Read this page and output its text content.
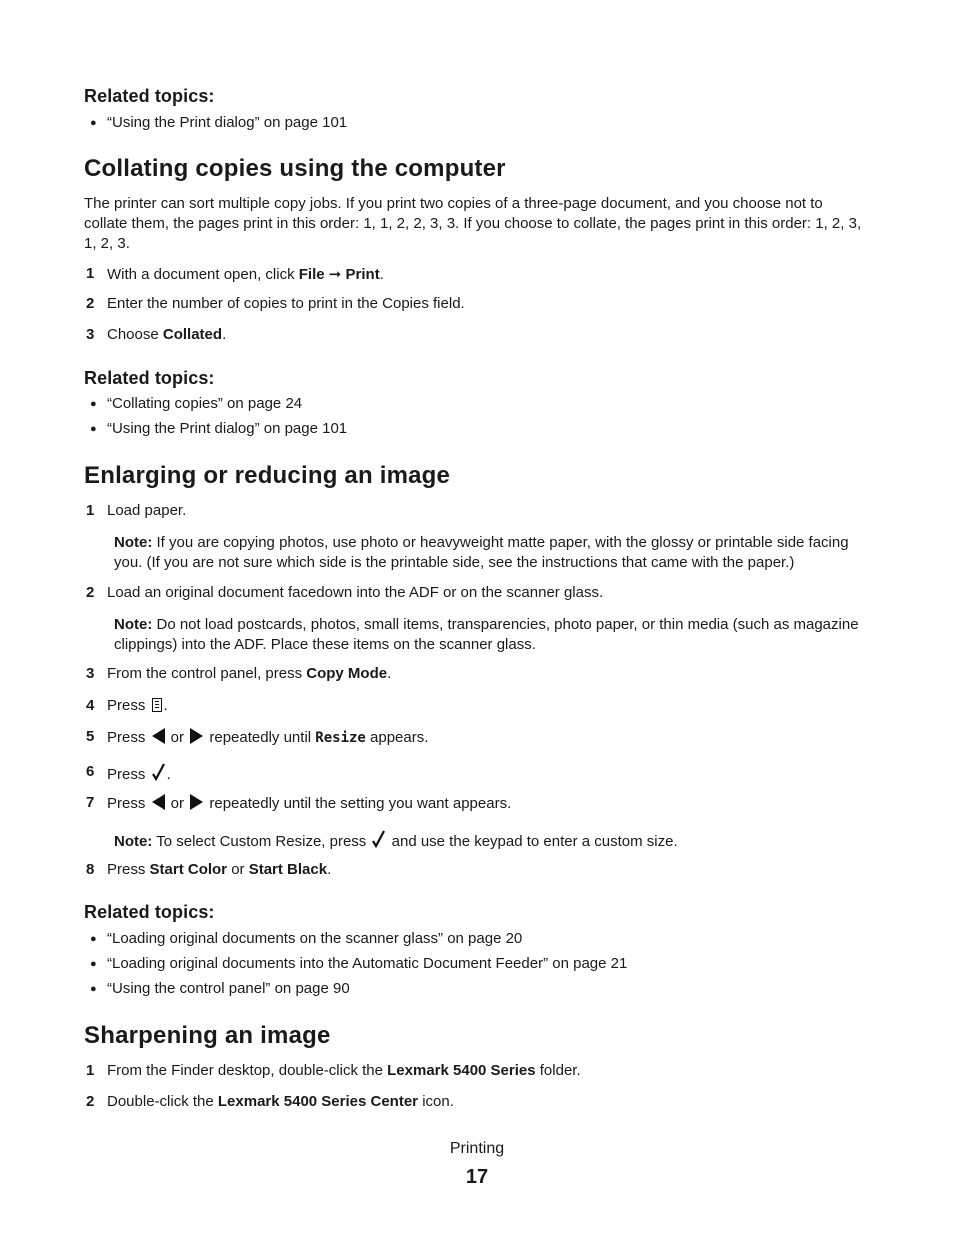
Related topics:
● “Using the Print dialog” on page 101
Collating copies using the computer
The printer can sort multiple copy jobs. If you print two copies of a three-page document, and you choose not to
collate them, the pages print in this order: 1, 1, 2, 2, 3, 3. If you choose to collate, the pages print in this order: 1, 2, 3,
1, 2, 3.
1 With a document open, click File ➞ Print.
2 Enter the number of copies to print in the Copies field.
3 Choose Collated.
Related topics:
● “Collating copies” on page 24
● “Using the Print dialog” on page 101
Enlarging or reducing an image
1 Load paper.
Note: If you are copying photos, use photo or heavyweight matte paper, with the glossy or printable side facing
you. (If you are not sure which side is the printable side, see the instructions that came with the paper.)
2 Load an original document facedown into the ADF or on the scanner glass.
Note: Do not load postcards, photos, small items, transparencies, photo paper, or thin media (such as magazine
clippings) into the ADF. Place these items on the scanner glass.
3 From the control panel, press Copy Mode.
4 Press
.
5 Press  or  repeatedly until Resize appears.
6 Press .
7 Press  or  repeatedly until the setting you want appears.
Note: To select Custom Resize, press  and use the keypad to enter a custom size.
8 Press Start Color or Start Black.
Related topics:
● “Loading original documents on the scanner glass” on page 20
● “Loading original documents into the Automatic Document Feeder” on page 21
● “Using the control panel” on page 90
Sharpening an image
1 From the Finder desktop, double-click the Lexmark 5400 Series folder.
2 Double-click the Lexmark 5400 Series Center icon.
Printing
17
